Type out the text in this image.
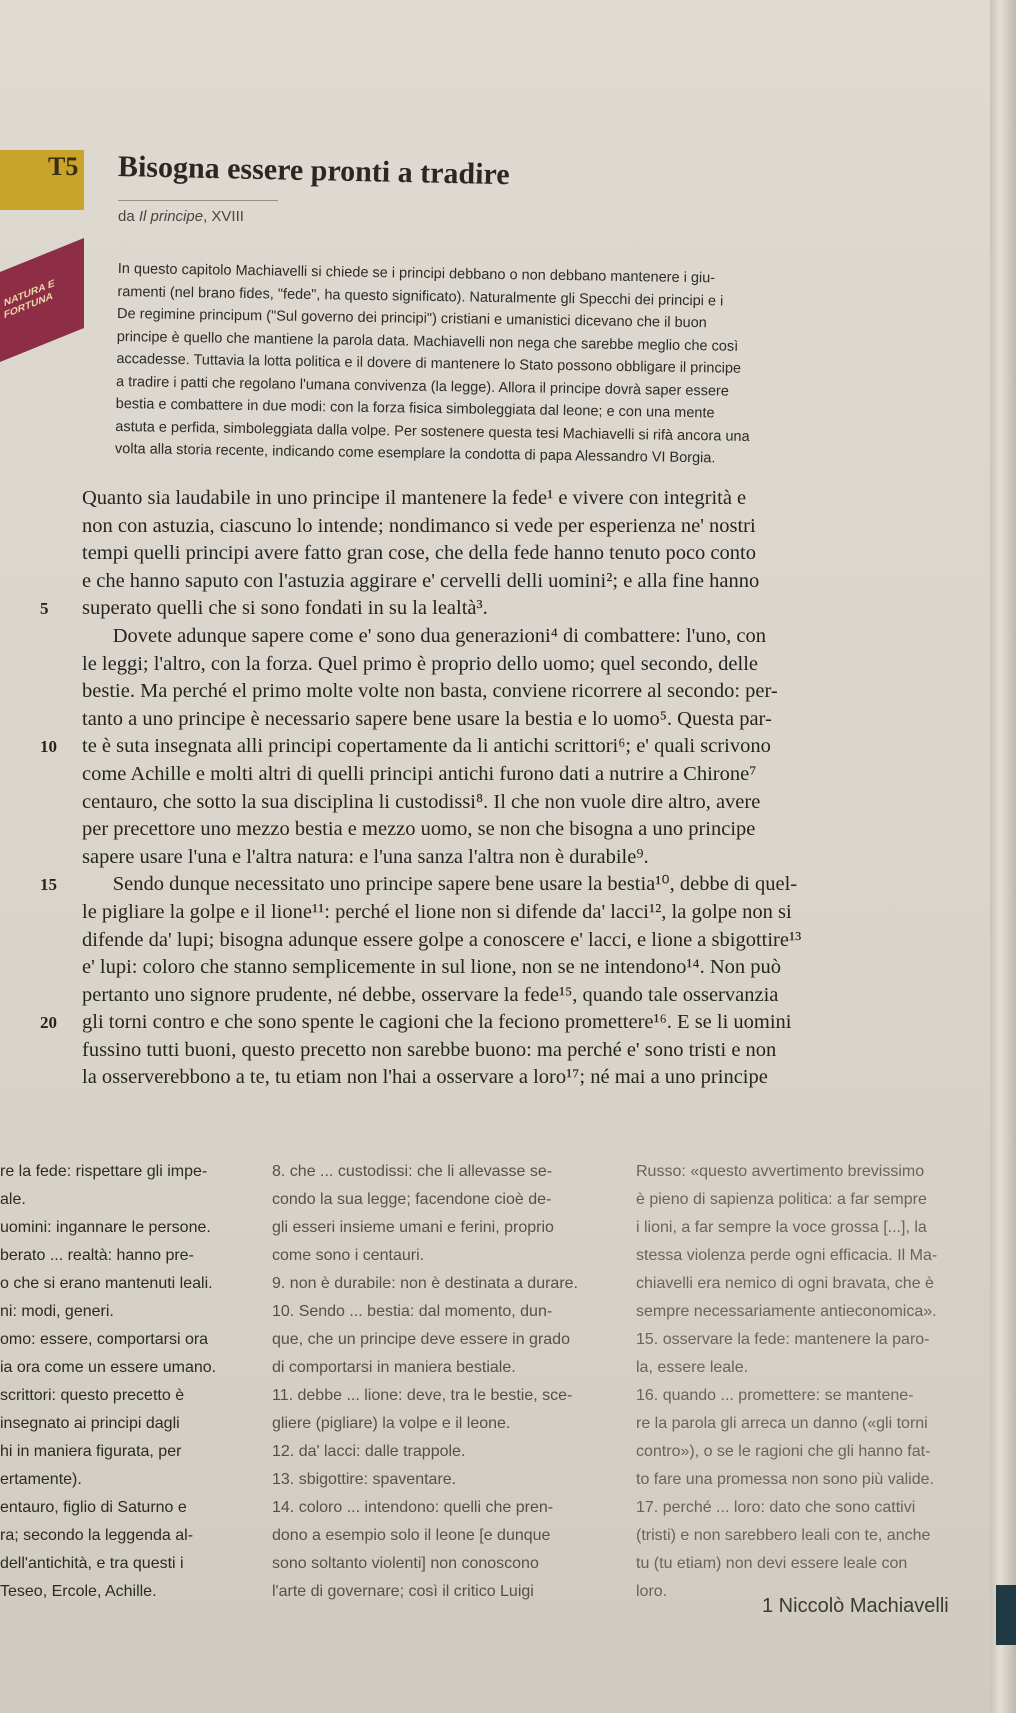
T5
NATURA E FORTUNA
Bisogna essere pronti a tradire
da Il principe, XVIII
In questo capitolo Machiavelli si chiede se i principi debbano o non debbano mantenere i giu-
ramenti (nel brano fides, "fede", ha questo significato). Naturalmente gli Specchi dei principi e i
De regimine principum ("Sul governo dei principi") cristiani e umanistici dicevano che il buon
principe è quello che mantiene la parola data. Machiavelli non nega che sarebbe meglio che così
accadesse. Tuttavia la lotta politica e il dovere di mantenere lo Stato possono obbligare il principe
a tradire i patti che regolano l'umana convivenza (la legge). Allora il principe dovrà saper essere
bestia e combattere in due modi: con la forza fisica simboleggiata dal leone; e con una mente
astuta e perfida, simboleggiata dalla volpe. Per sostenere questa tesi Machiavelli si rifà ancora una
volta alla storia recente, indicando come esemplare la condotta di papa Alessandro VI Borgia.
Quanto sia laudabile in uno principe il mantenere la fede¹ e vivere con integrità e
non con astuzia, ciascuno lo intende; nondimanco si vede per esperienza ne' nostri
tempi quelli principi avere fatto gran cose, che della fede hanno tenuto poco conto
e che hanno saputo con l'astuzia aggirare e' cervelli delli uomini²; e alla fine hanno
5	superato quelli che si sono fondati in su la lealtà³.
Dovete adunque sapere come e' sono dua generazioni⁴ di combattere: l'uno, con
le leggi; l'altro, con la forza. Quel primo è proprio dello uomo; quel secondo, delle
bestie. Ma perché el primo molte volte non basta, conviene ricorrere al secondo: per-
tanto a uno principe è necessario sapere bene usare la bestia e lo uomo⁵. Questa par-
10	te è suta insegnata alli principi copertamente da li antichi scrittori⁶; e' quali scrivono
come Achille e molti altri di quelli principi antichi furono dati a nutrire a Chirone⁷
centauro, che sotto la sua disciplina li custodissi⁸. Il che non vuole dire altro, avere
per precettore uno mezzo bestia e mezzo uomo, se non che bisogna a uno principe
sapere usare l'una e l'altra natura: e l'una sanza l'altra non è durabile⁹.
15	Sendo dunque necessitato uno principe sapere bene usare la bestia¹⁰, debbe di quel-
le pigliare la golpe e il lione¹¹: perché el lione non si difende da' lacci¹², la golpe non si
difende da' lupi; bisogna adunque essere golpe a conoscere e' lacci, e lione a sbigottire¹³
e' lupi: coloro che stanno semplicemente in sul lione, non se ne intendono¹⁴. Non può
pertanto uno signore prudente, né debbe, osservare la fede¹⁵, quando tale osservanzia
20	gli torni contro e che sono spente le cagioni che la feciono promettere¹⁶. E se li uomini
fussino tutti buoni, questo precetto non sarebbe buono: ma perché e' sono tristi e non
la osserverebbono a te, tu etiam non l'hai a osservare a loro¹⁷; né mai a uno principe
re la fede: rispettare gli impe-
ale.
uomini: ingannare le persone.
berato ... realtà: hanno pre-
o che si erano mantenuti leali.
ni: modi, generi.
omo: essere, comportarsi ora
ia ora come un essere umano.
scrittori: questo precetto è
insegnato ai principi dagli
hi in maniera figurata, per
ertamente).
entauro, figlio di Saturno e
ra; secondo la leggenda al-
dell'antichità, e tra questi i
Teseo, Ercole, Achille.
8. che ... custodissi: che li allevasse se-
condo la sua legge; facendone cioè de-
gli esseri insieme umani e ferini, proprio
come sono i centauri.
9. non è durabile: non è destinata a durare.
10. Sendo ... bestia: dal momento, dun-
que, che un principe deve essere in grado
di comportarsi in maniera bestiale.
11. debbe ... lione: deve, tra le bestie, sce-
gliere (pigliare) la volpe e il leone.
12. da' lacci: dalle trappole.
13. sbigottire: spaventare.
14. coloro ... intendono: quelli che pren-
dono a esempio solo il leone [e dunque
sono soltanto violenti] non conoscono
l'arte di governare; così il critico Luigi
Russo: «questo avvertimento brevissimo
è pieno di sapienza politica: a far sempre
i lioni, a far sempre la voce grossa [...], la
stessa violenza perde ogni efficacia. Il Ma-
chiavelli era nemico di ogni bravata, che è
sempre necessariamente antieconomica».
15. osservare la fede: mantenere la paro-
la, essere leale.
16. quando ... promettere: se mantene-
re la parola gli arreca un danno («gli torni
contro»), o se le ragioni che gli hanno fat-
to fare una promessa non sono più valide.
17. perché ... loro: dato che sono cattivi
(tristi) e non sarebbero leali con te, anche
tu (tu etiam) non devi essere leale con
loro.
1 Niccolò Machiavelli
